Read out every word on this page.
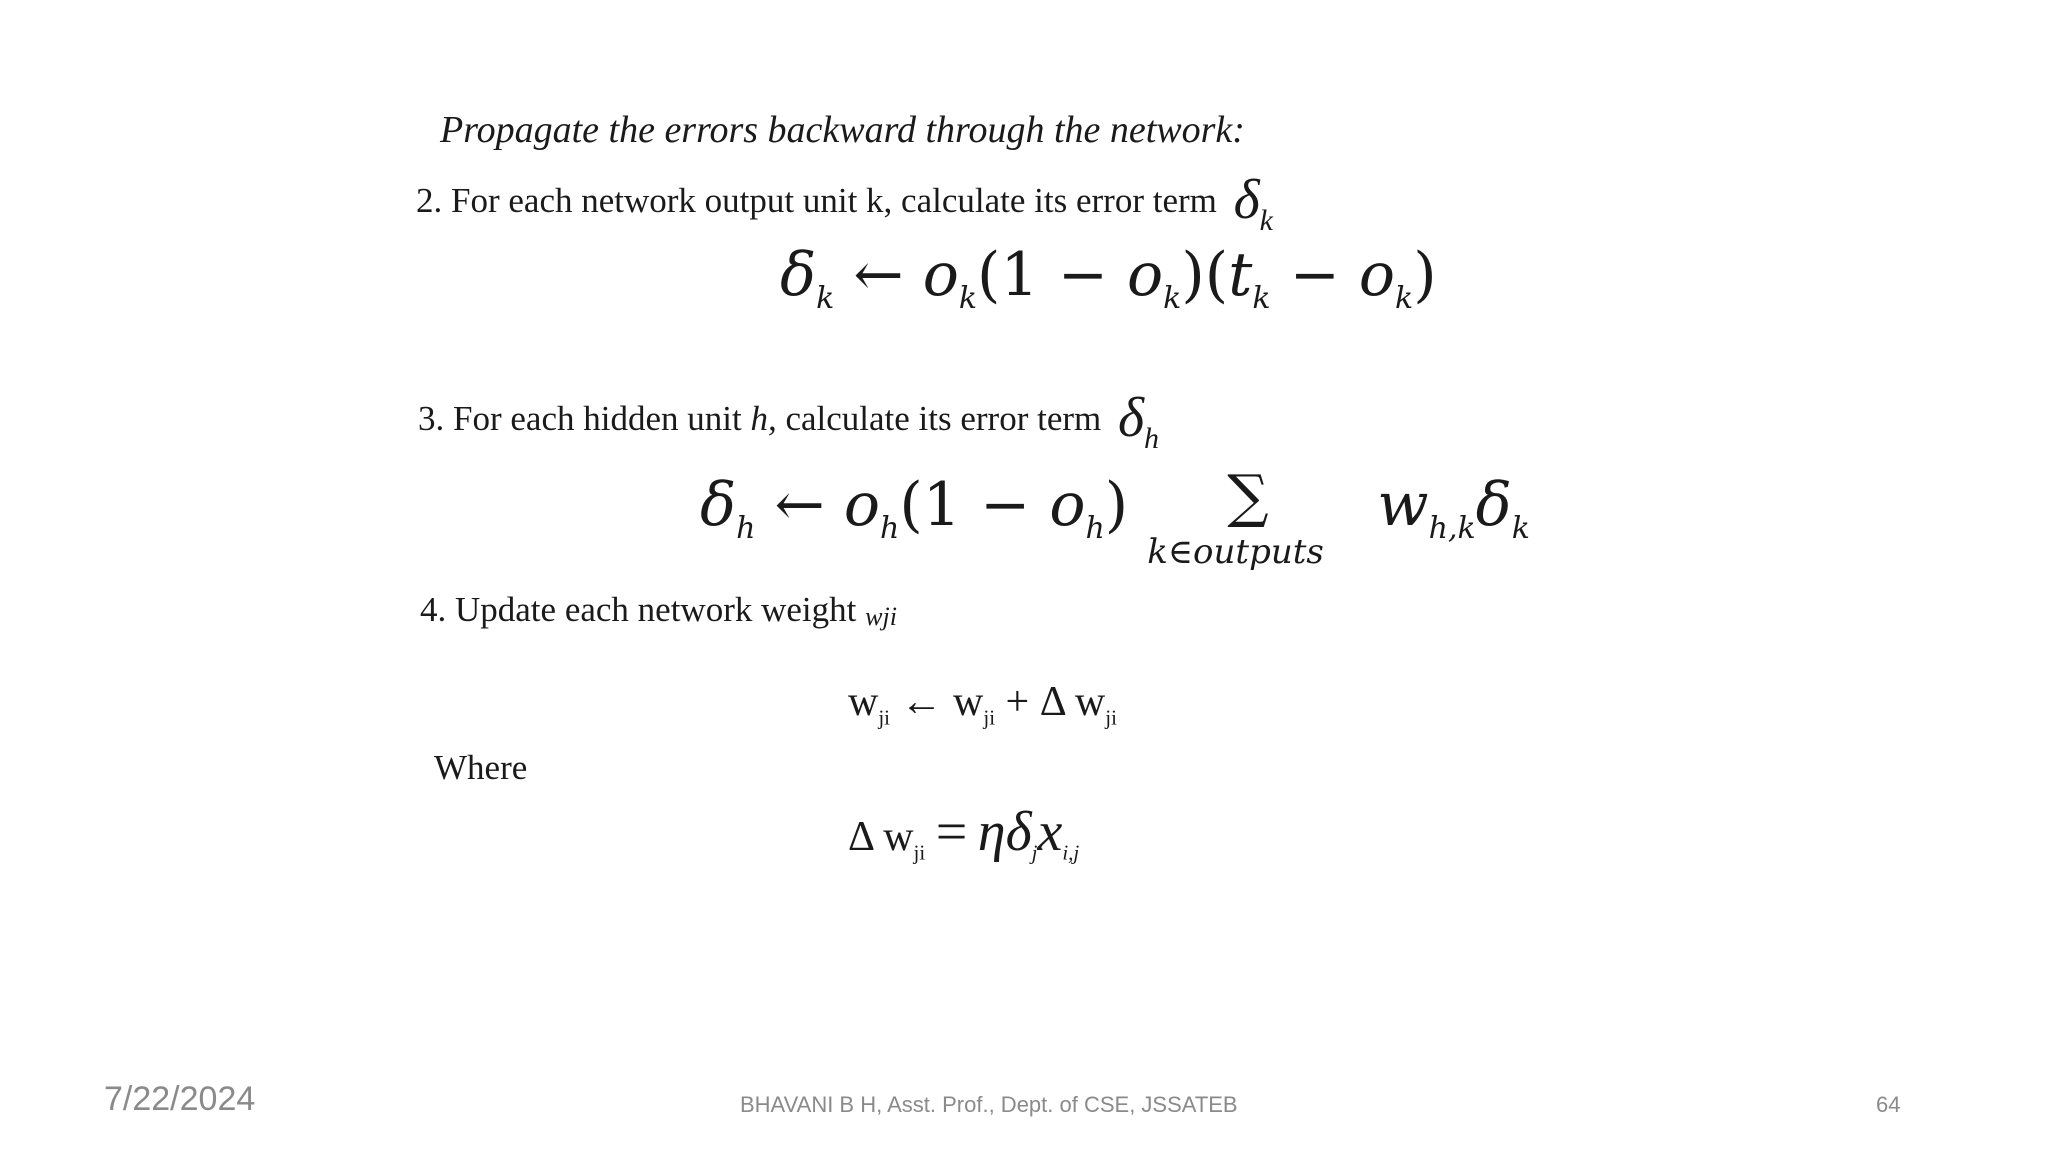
Propagate the errors backward through the network:
2. For each network output unit k, calculate its error term $\delta_k$
$\delta_k$ ← $o_k(1 - o_k)(t_k - o_k)$
3. For each hidden unit h, calculate its error term $\delta_h$
$\delta_h$ ← $o_h(1 - o_h)$ ∑
k∈outputs
$w_{h,k}\delta_k$
4. Update each network weight wji
$w_{ji}$ ← $w_{ji} + \Delta$ $w_{ji}$
Where
Δ $w_{ji} = \eta\delta_jx_{i,j}$
7/22/2024	BHAVANI B H, Asst. Prof., Dept. of CSE, JSSATEB	64
